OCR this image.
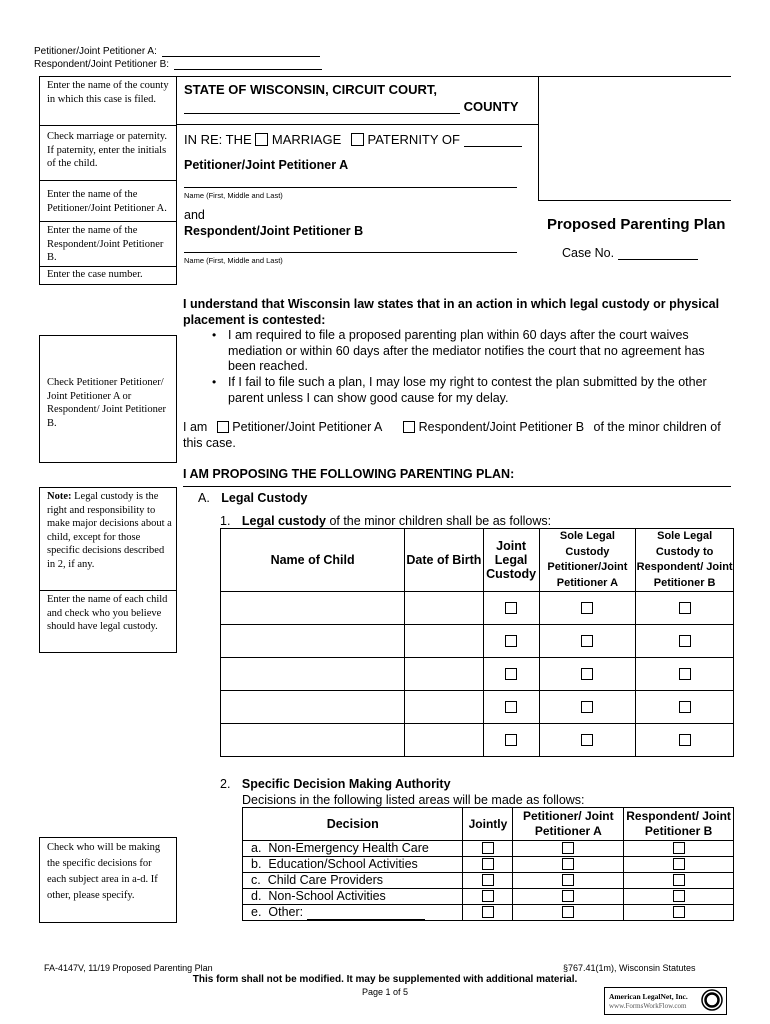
Petitioner/Joint Petitioner A:
Respondent/Joint Petitioner B:
Enter the name of the county in which this case is filed.
Check marriage or paternity. If paternity, enter the initials of the child.
Enter the name of the Petitioner/Joint Petitioner A.
Enter the name of the Respondent/Joint Petitioner B.
Enter the case number.
STATE OF WISCONSIN, CIRCUIT COURT,
COUNTY
IN RE: THE MARRIAGE PATERNITY OF
Petitioner/Joint Petitioner A
Name (First, Middle and Last)
and
Respondent/Joint Petitioner B
Name (First, Middle and Last)
Proposed Parenting Plan
Case No.
Check Petitioner Petitioner/ Joint Petitioner A or Respondent/ Joint Petitioner B.
I understand that Wisconsin law states that in an action in which legal custody or physical placement is contested:
• I am required to file a proposed parenting plan within 60 days after the court waives mediation or within 60 days after the mediator notifies the court that no agreement has been reached.
• If I fail to file such a plan, I may lose my right to contest the plan submitted by the other parent unless I can show good cause for my delay.
I am Petitioner/Joint Petitioner A	Respondent/Joint Petitioner B of the minor children of
this case.
I AM PROPOSING THE FOLLOWING PARENTING PLAN:
Note: Legal custody is the right and responsibility to make major decisions about a child, except for those specific decisions described in 2, if any.
Enter the name of each child and check who you believe should have legal custody.
A. Legal Custody
1. Legal custody of the minor children shall be as follows:
Name of Child	Date of Birth	Joint Legal Custody	Sole Legal Custody Petitioner/Joint Petitioner A	Sole Legal Custody to Respondent/ Joint Petitioner B

2. Specific Decision Making Authority
Decisions in the following listed areas will be made as follows:
Check who will be making the specific decisions for each subject area in a-d. If other, please specify.
Decision	Jointly	Petitioner/ Joint Petitioner A	Respondent/ Joint Petitioner B
a. Non-Emergency Health Care			
b. Education/School Activities			
c. Child Care Providers			
d. Non-School Activities			
e. Other:			
FA-4147V, 11/19 Proposed Parenting Plan	§767.41(1m), Wisconsin Statutes
This form shall not be modified. It may be supplemented with additional material.
Page 1 of 5	American LegalNet, Inc.
www.FormsWorkFlow.com
